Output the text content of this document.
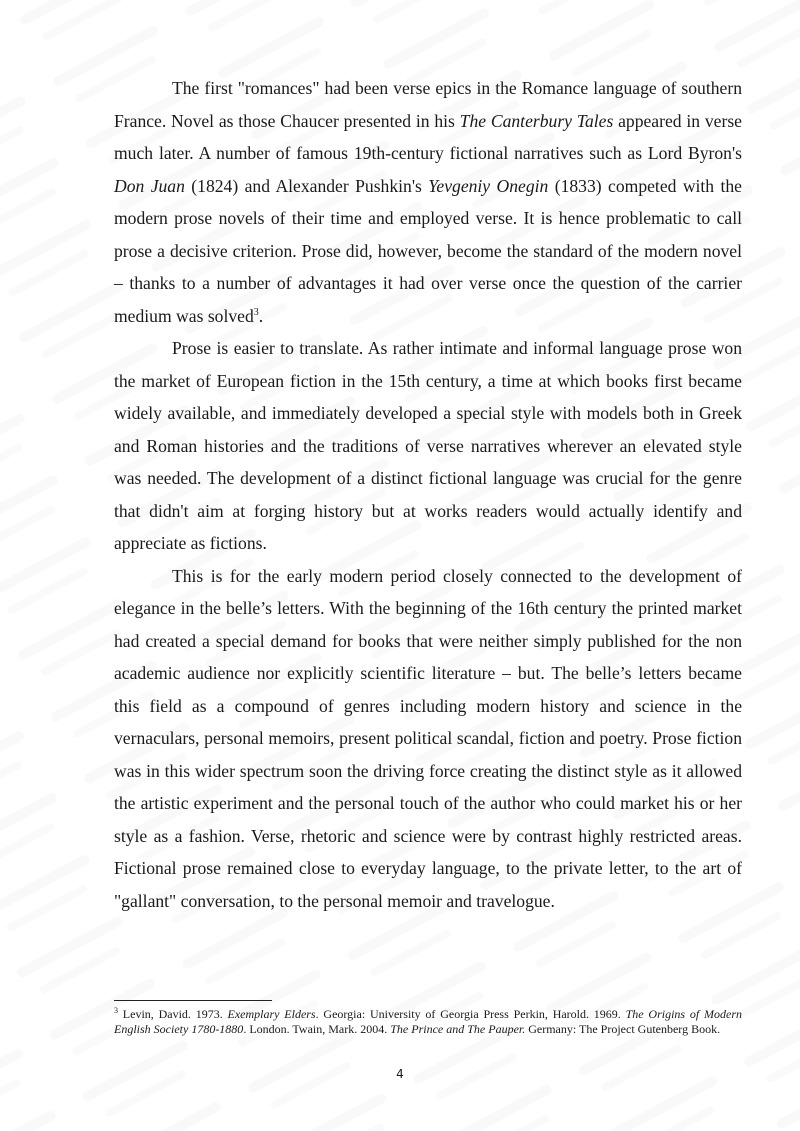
The first "romances" had been verse epics in the Romance language of southern France. Novel as those Chaucer presented in his The Canterbury Tales appeared in verse much later. A number of famous 19th-century fictional narratives such as Lord Byron's Don Juan (1824) and Alexander Pushkin's Yevgeniy Onegin (1833) competed with the modern prose novels of their time and employed verse. It is hence problematic to call prose a decisive criterion. Prose did, however, become the standard of the modern novel – thanks to a number of advantages it had over verse once the question of the carrier medium was solved$^3$.

Prose is easier to translate. As rather intimate and informal language prose won the market of European fiction in the 15th century, a time at which books first became widely available, and immediately developed a special style with models both in Greek and Roman histories and the traditions of verse narratives wherever an elevated style was needed. The development of a distinct fictional language was crucial for the genre that didn't aim at forging history but at works readers would actually identify and appreciate as fictions.

This is for the early modern period closely connected to the development of elegance in the belle’s letters. With the beginning of the 16th century the printed market had created a special demand for books that were neither simply published for the non academic audience nor explicitly scientific literature – but. The belle’s letters became this field as a compound of genres including modern history and science in the vernaculars, personal memoirs, present political scandal, fiction and poetry. Prose fiction was in this wider spectrum soon the driving force creating the distinct style as it allowed the artistic experiment and the personal touch of the author who could market his or her style as a fashion. Verse, rhetoric and science were by contrast highly restricted areas. Fictional prose remained close to everyday language, to the private letter, to the art of "gallant" conversation, to the personal memoir and travelogue.

$^3$ Levin, David. 1973. Exemplary Elders. Georgia: University of Georgia Press Perkin, Harold. 1969. The Origins of Modern English Society 1780-1880. London. Twain, Mark. 2004. The Prince and The Pauper. Germany: The Project Gutenberg Book.
4
